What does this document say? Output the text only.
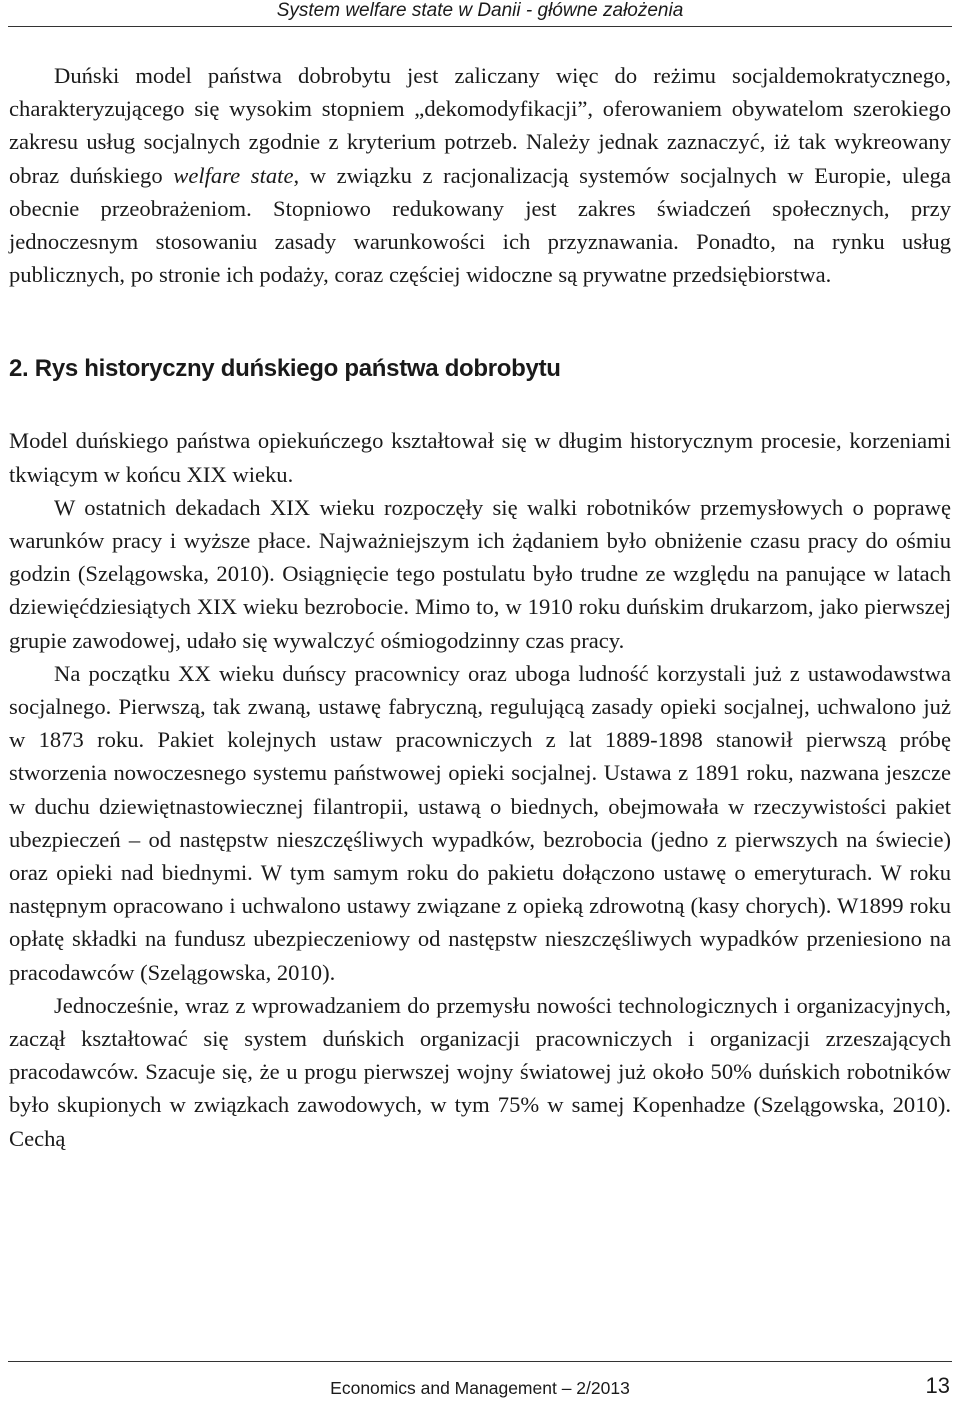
System welfare state w Danii - główne założenia

Duński model państwa dobrobytu jest zaliczany więc do reżimu socjaldemokratycznego, charakteryzującego się wysokim stopniem „dekomodyfikacji”, oferowaniem obywatelom szerokiego zakresu usług socjalnych zgodnie z kryterium potrzeb. Należy jednak zaznaczyć, iż tak wykreowany obraz duńskiego welfare state, w związku z racjonalizacją systemów socjalnych w Europie, ulega obecnie przeobrażeniom. Stopniowo redukowany jest zakres świadczeń społecznych, przy jednoczesnym stosowaniu zasady warunkowości ich przyznawania. Ponadto, na rynku usług publicznych, po stronie ich podaży, coraz częściej widoczne są prywatne przedsiębiorstwa.

2. Rys historyczny duńskiego państwa dobrobytu

Model duńskiego państwa opiekuńczego kształtował się w długim historycznym procesie, korzeniami tkwiącym w końcu XIX wieku.

W ostatnich dekadach XIX wieku rozpoczęły się walki robotników przemysłowych o poprawę warunków pracy i wyższe płace. Najważniejszym ich żądaniem było obniżenie czasu pracy do ośmiu godzin (Szelągowska, 2010). Osiągnięcie tego postulatu było trudne ze względu na panujące w latach dziewięćdziesiątych XIX wieku bezrobocie. Mimo to, w 1910 roku duńskim drukarzom, jako pierwszej grupie zawodowej, udało się wywalczyć ośmiogodzinny czas pracy.

Na początku XX wieku duńscy pracownicy oraz uboga ludność korzystali już z ustawodawstwa socjalnego. Pierwszą, tak zwaną, ustawę fabryczną, regulującą zasady opieki socjalnej, uchwalono już w 1873 roku. Pakiet kolejnych ustaw pracowniczych z lat 1889-1898 stanowił pierwszą próbę stworzenia nowoczesnego systemu państwowej opieki socjalnej. Ustawa z 1891 roku, nazwana jeszcze w duchu dziewiętnastowiecznej filantropii, ustawą o biednych, obejmowała w rzeczywistości pakiet ubezpieczeń – od następstw nieszczęśliwych wypadków, bezrobocia (jedno z pierwszych na świecie) oraz opieki nad biednymi. W tym samym roku do pakietu dołączono ustawę o emeryturach. W roku następnym opracowano i uchwalono ustawy związane z opieką zdrowotną (kasy chorych). W1899 roku opłatę składki na fundusz ubezpieczeniowy od następstw nieszczęśliwych wypadków przeniesiono na pracodawców (Szelągowska, 2010).

Jednocześnie, wraz z wprowadzaniem do przemysłu nowości technologicznych i organizacyjnych, zaczął kształtować się system duńskich organizacji pracowniczych i organizacji zrzeszających pracodawców. Szacuje się, że u progu pierwszej wojny światowej już około 50% duńskich robotników było skupionych w związkach zawodowych, w tym 75% w samej Kopenhadze (Szelągowska, 2010). Cechą

Economics and Management – 2/2013	13
